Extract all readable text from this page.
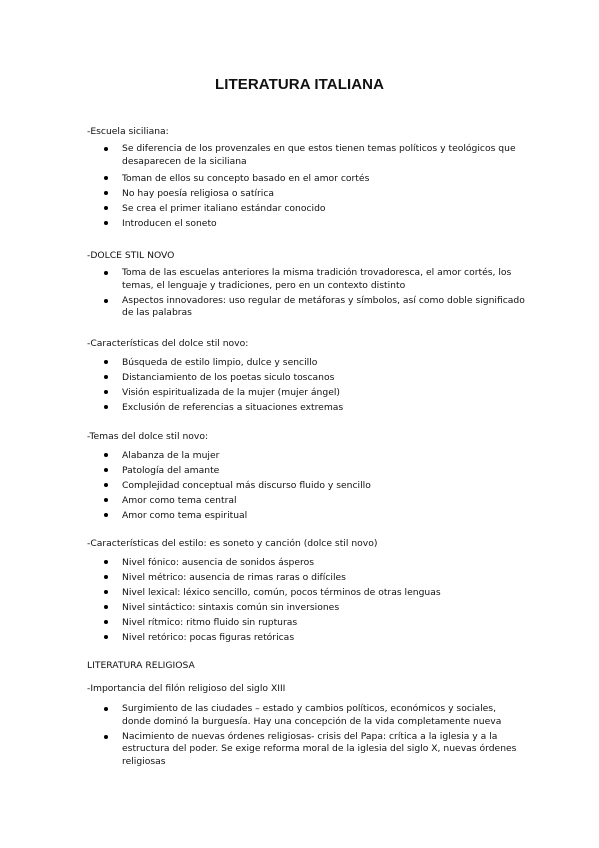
LITERATURA ITALIANA
-Escuela siciliana:
Se diferencia de los provenzales en que estos tienen temas políticos y teológicos que desaparecen de la siciliana
Toman de ellos su concepto basado en el amor cortés
No hay poesía religiosa o satírica
Se crea el primer italiano estándar conocido
Introducen el soneto
-DOLCE STIL NOVO
Toma de las escuelas anteriores la misma tradición trovadoresca, el amor cortés, los temas, el lenguaje y tradiciones, pero en un contexto distinto
Aspectos innovadores: uso regular de metáforas y símbolos, así como doble significado de las palabras
-Características del dolce stil novo:
Búsqueda de estilo limpio, dulce y sencillo
Distanciamiento de los poetas siculo toscanos
Visión espiritualizada de la mujer (mujer ángel)
Exclusión de referencias a situaciones extremas
-Temas del dolce stil novo:
Alabanza de la mujer
Patología del amante
Complejidad conceptual más discurso fluido y sencillo
Amor como tema central
Amor como tema espiritual
-Características del estilo: es soneto y canción (dolce stil novo)
Nivel fónico: ausencia de sonidos ásperos
Nivel métrico: ausencia de rimas raras o difíciles
Nivel lexical: léxico sencillo, común, pocos términos de otras lenguas
Nivel sintáctico: sintaxis común sin inversiones
Nivel rítmico: ritmo fluido sin rupturas
Nivel retórico: pocas figuras retóricas
LITERATURA RELIGIOSA
-Importancia del filón religioso del siglo XIII
Surgimiento de las ciudades – estado y cambios políticos, económicos y sociales, donde dominó la burguesía. Hay una concepción de la vida completamente nueva
Nacimiento de nuevas órdenes religiosas- crisis del Papa: crítica a la iglesia y a la estructura del poder. Se exige reforma moral de la iglesia del siglo X, nuevas órdenes religiosas
